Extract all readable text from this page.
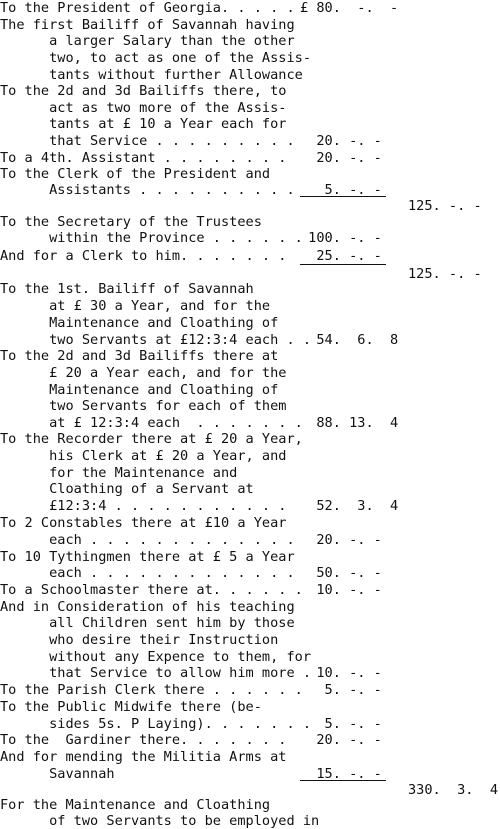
To the President of Georgia. . . . . £ 80.  -.  -
The first Bailiff of Savannah having
a larger Salary than the other
two, to act as one of the Assis-
tants without further Allowance
To the 2d and 3d Bailiffs there, to
act as two more of the Assis-
tants at £ 10 a Year each for
that Service . . . . . . . . . 20. -. -
To a 4th. Assistant . . . . . . . . 20. -. -
To the Clerk of the President and
Assistants . . . . . . . . . . 5. -. -
125. -. -
To the Secretary of the Trustees
within the Province . . . . . .
100. -. -
And for a Clerk to him. . . . . . . 25. -. -
125. -. -
To the 1st. Bailiff of Savannah
at £ 30 a Year, and for the
Maintenance and Cloathing of
two Servants at £12:3:4 each . .
54.  6.  8
To the 2d and 3d Bailiffs there at
£ 20 a Year each, and for the
Maintenance and Cloathing of
two Servants for each of them
at £ 12:3:4 each  . . . . . . .
88. 13.  4
To the Recorder there at £ 20 a Year,
his Clerk at £ 20 a Year, and
for the Maintenance and
Cloathing of a Servant at
£12:3:4 . . . . . . . . . . . 52.  3.  4
To 2 Constables there at £10 a Year
each . . . . . . . . . . . . . 20. -. -
To 10 Tythingmen there at £ 5 a Year
each . . . . . . . . . . . . . 50. -. -
To a Schoolmaster there at. . . . . .
10. -. -
And in Consideration of his teaching
all Children sent him by those
who desire their Instruction
without any Expence to them, for
that Service to allow him more .
10. -. -
To the Parish Clerk there . . . . . .
5. -. -
To the Public Midwife there (be-
sides 5s. P Laying). . . . . . .
5. -. -
To the  Gardiner there. . . . . . . 20. -. -
And for mending the Militia Arms at
Savannah	15. -. -
330.  3.  4
For the Maintenance and Cloathing
of two Servants to be employed in
